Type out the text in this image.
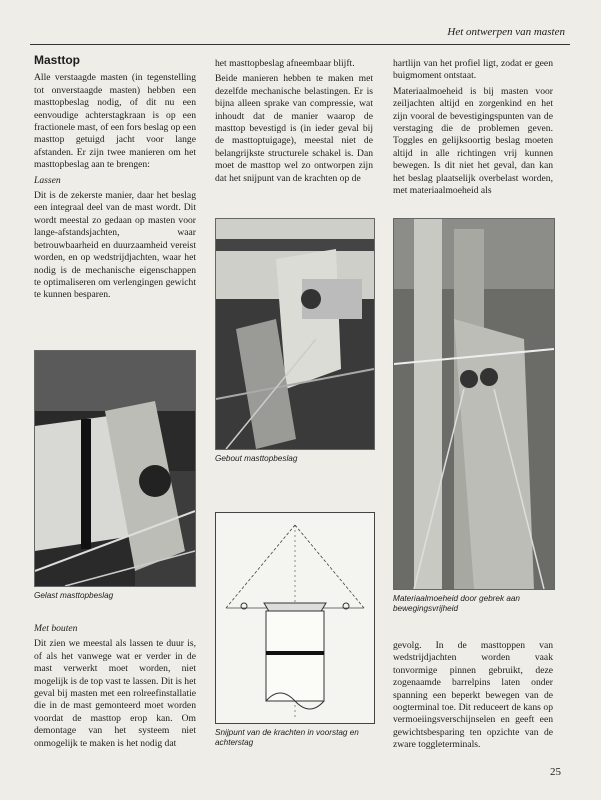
Het ontwerpen van masten
Masttop

Alle verstaagde masten (in tegenstelling tot onverstaagde masten) hebben een masttopbeslag nodig, of dit nu een eenvoudige achterstagkraan is op een fractionele mast, of een fors beslag op een masttop getuigd jacht voor lange afstanden. Er zijn twee manieren om het masttopbeslag aan te brengen:

Lassen

Dit is de zekerste manier, daar het beslag een integraal deel van de mast wordt. Dit wordt meestal zo gedaan op masten voor lange-afstandsjachten, waar betrouwbaarheid en duurzaamheid vereist worden, en op wedstrijdjachten, waar het nodig is de mechanische eigenschappen te optimaliseren om verlengingen gewicht te kunnen besparen.

Gelast masttopbeslag

Met bouten

Dit zien we meestal als lassen te duur is, of als het vanwege wat er verder in de mast verwerkt moet worden, niet mogelijk is de top vast te lassen. Dit is het geval bij masten met een rolreefinstallatie die in de mast gemonteerd moet worden voordat de masttop erop kan. Om demontage van het systeem niet onmogelijk te maken is het nodig dat

het masttopbeslag afneembaar blijft.

Beide manieren hebben te maken met dezelfde mechanische belastingen. Er is bijna alleen sprake van compressie, wat inhoudt dat de manier waarop de masttop bevestigd is (in ieder geval bij de masttoptuigage), meestal niet de belangrijkste structurele schakel is. Dan moet de masttop wel zo ontworpen zijn dat het snijpunt van de krachten op de

Gebout masttopbeslag
Snijpunt van de krachten in voorstag en achterstag

hartlijn van het profiel ligt, zodat er geen buigmoment ontstaat.

Materiaalmoeheid is bij masten voor zeiljachten altijd en zorgenkind en het zijn vooral de bevestigingspunten van de verstaging die de problemen geven. Toggles en gelijksoortig beslag moeten altijd in alle richtingen vrij kunnen bewegen. Is dit niet het geval, dan kan het beslag plaatselijk overbelast worden, met materiaalmoeheid als

Materiaalmoeheid door gebrek aan bewegingsvrijheid

gevolg. In de masttoppen van wedstrijdjachten worden vaak tonvormige pinnen gebruikt, deze zogenaamde barrelpins laten onder spanning een beperkt bewegen van de oogterminal toe. Dit reduceert de kans op vermoeiingsverschijnselen en geeft een gewichtsbesparing ten opzichte van de zware toggleterminals.

25
